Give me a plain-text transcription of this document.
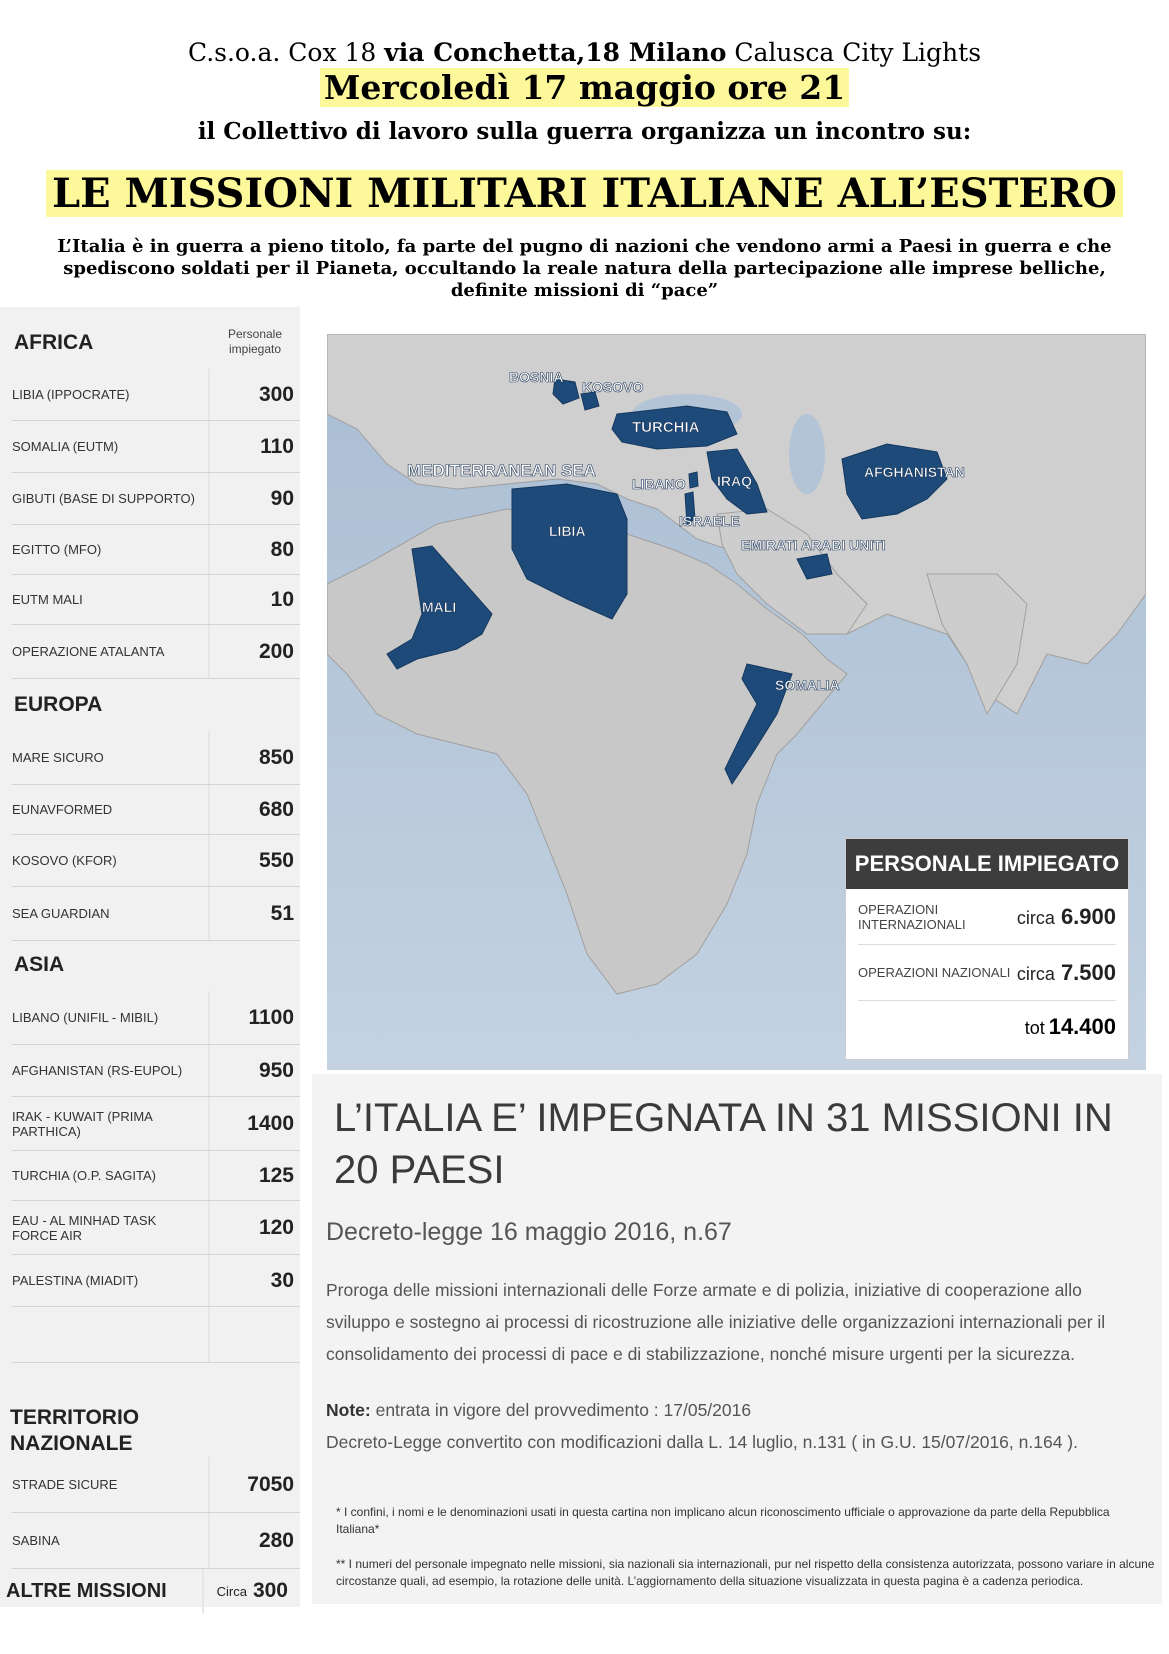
C.s.o.a. Cox 18 via Conchetta,18 Milano Calusca City Lights
Mercoledì 17 maggio ore 21
il Collettivo di lavoro sulla guerra organizza un incontro su:
LE MISSIONI MILITARI ITALIANE ALL’ESTERO
L’Italia è in guerra a pieno titolo, fa parte del pugno di nazioni che vendono armi a Paesi in guerra e che spediscono soldati per il Pianeta, occultando la reale natura della partecipazione alle imprese belliche, definite missioni di “pace”
AFRICA	Personale impiegato
LIBIA (IPPOCRATE)	300
SOMALIA (EUTM)	110
GIBUTI (BASE DI SUPPORTO)	90
EGITTO (MFO)	80
EUTM MALI	10
OPERAZIONE ATALANTA	200
EUROPA
MARE SICURO	850
EUNAVFORMED	680
KOSOVO (KFOR)	550
SEA GUARDIAN	51
ASIA
LIBANO (UNIFIL - MIBIL)	1100
AFGHANISTAN (RS-EUPOL)	950
IRAK - KUWAIT (PRIMA PARTHICA)	1400
TURCHIA (O.P. SAGITA)	125
EAU - AL MINHAD TASK FORCE AIR	120
PALESTINA (MIADIT)	30
TERRITORIO NAZIONALE
STRADE SICURE	7050
SABINA	280
ALTRE MISSIONI	Circa 300
BOSNIA
KOSOVO
TURCHIA
MEDITERRANEAN SEA
LIBANO IRAQ
AFGHANISTAN
ISRAELE
LIBIA
EMIRATI ARABI UNITI
MALI
SOMALIA
PERSONALE IMPIEGATO
OPERAZIONI INTERNAZIONALI	circa 6.900
OPERAZIONI NAZIONALI circa 7.500
tot 14.400
L’ITALIA E’ IMPEGNATA IN 31 MISSIONI IN 20 PAESI
Decreto-legge 16 maggio 2016, n.67
Proroga delle missioni internazionali delle Forze armate e di polizia, iniziative di cooperazione allo sviluppo e sostegno ai processi di ricostruzione alle iniziative delle organizzazioni internazionali per il consolidamento dei processi di pace e di stabilizzazione, nonché misure urgenti per la sicurezza.
Note: entrata in vigore del provvedimento : 17/05/2016
Decreto-Legge convertito con modificazioni dalla L. 14 luglio, n.131 ( in G.U. 15/07/2016, n.164 ).
* I confini, i nomi e le denominazioni usati in questa cartina non implicano alcun riconoscimento ufficiale o approvazione da parte della Repubblica Italiana*
** I numeri del personale impegnato nelle missioni, sia nazionali sia internazionali, pur nel rispetto della consistenza autorizzata, possono variare in alcune circostanze quali, ad esempio, la rotazione delle unità. L’aggiornamento della situazione visualizzata in questa pagina è a cadenza periodica.
